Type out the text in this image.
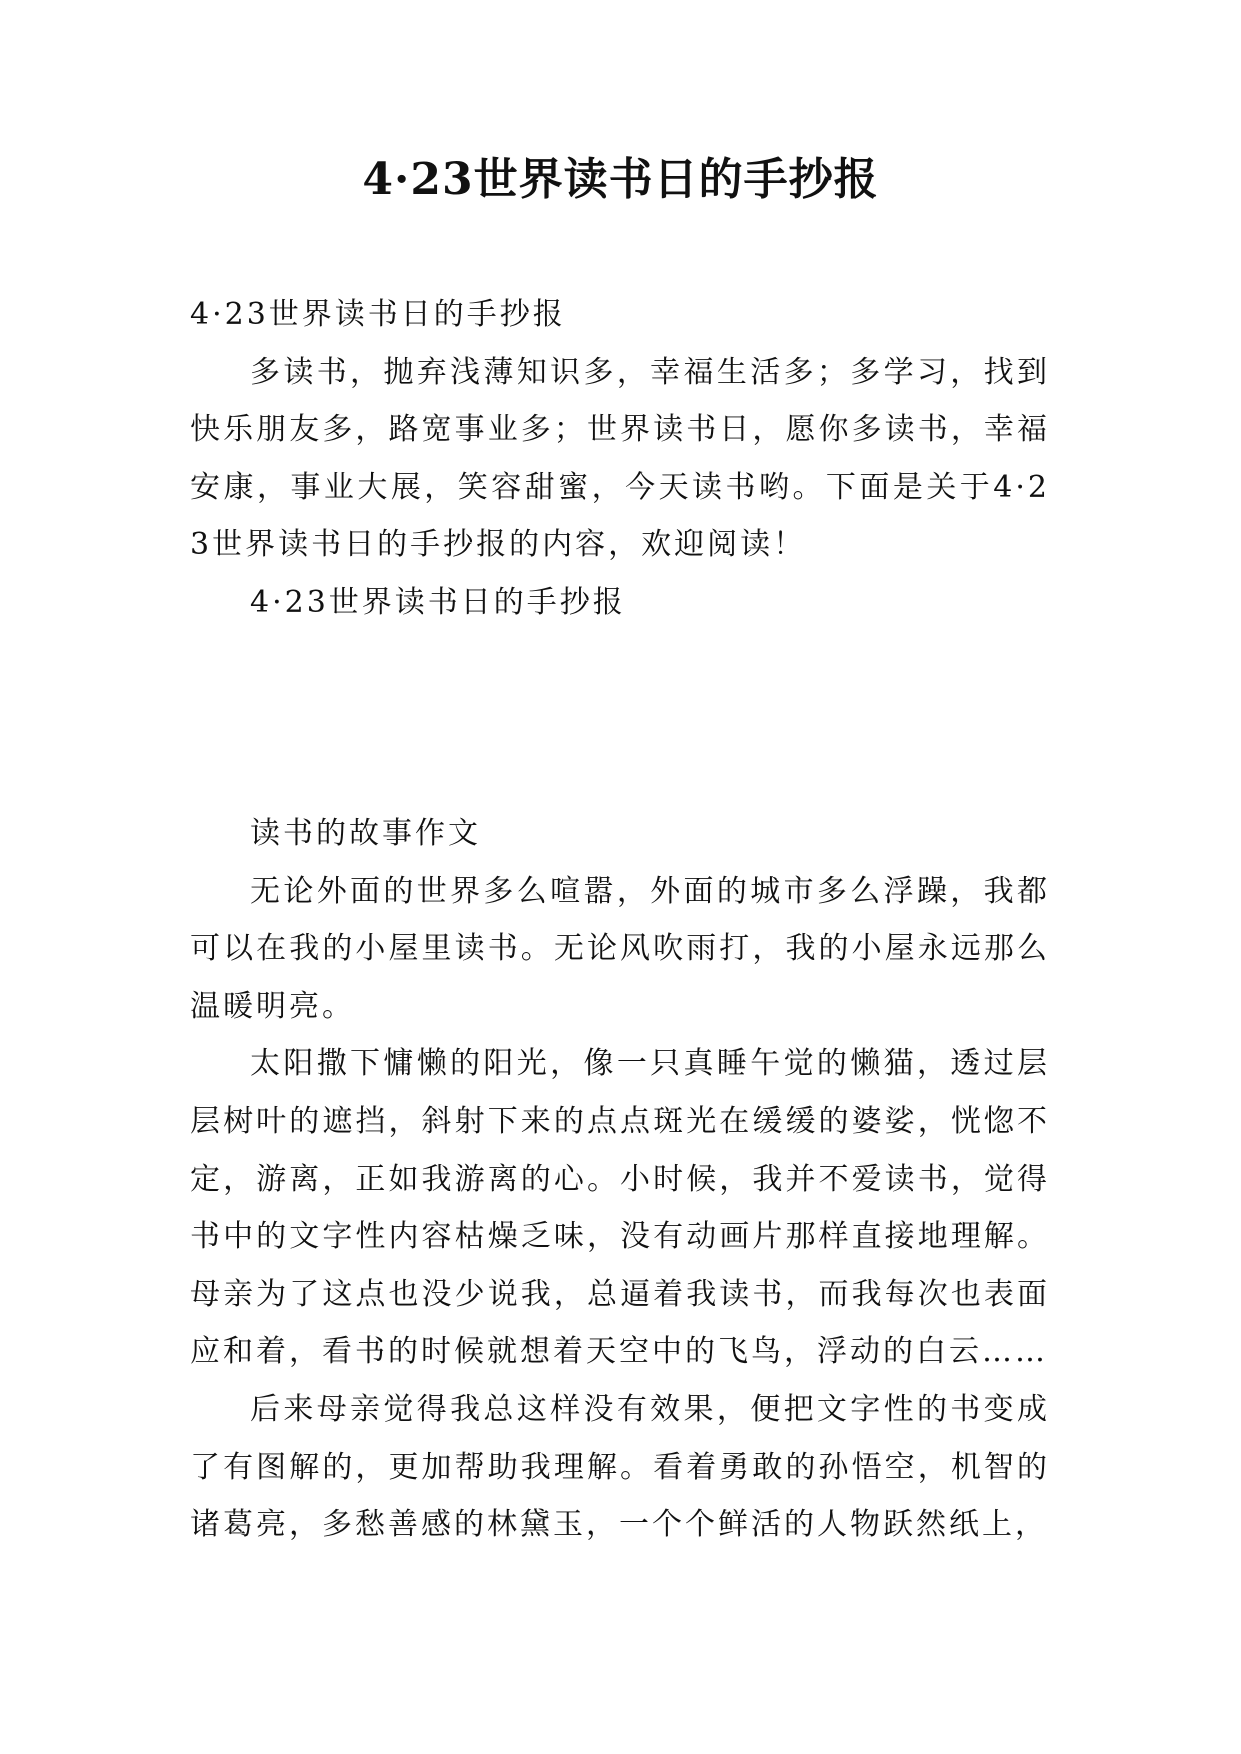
4·23世界读书日的手抄报

4·23世界读书日的手抄报

多读书，抛弃浅薄知识多，幸福生活多；多学习，找到快乐朋友多，路宽事业多；世界读书日，愿你多读书，幸福安康，事业大展，笑容甜蜜，今天读书哟。下面是关于4·23世界读书日的手抄报的内容，欢迎阅读！

4·23世界读书日的手抄报

读书的故事作文

无论外面的世界多么喧嚣，外面的城市多么浮躁，我都可以在我的小屋里读书。无论风吹雨打，我的小屋永远那么温暖明亮。

太阳撒下慵懒的阳光，像一只真睡午觉的懒猫，透过层层树叶的遮挡，斜射下来的点点斑光在缓缓的婆娑，恍惚不定，游离，正如我游离的心。小时候，我并不爱读书，觉得书中的文字性内容枯燥乏味，没有动画片那样直接地理解。母亲为了这点也没少说我，总逼着我读书，而我每次也表面应和着，看书的时候就想着天空中的飞鸟，浮动的白云……

后来母亲觉得我总这样没有效果，便把文字性的书变成了有图解的，更加帮助我理解。看着勇敢的孙悟空，机智的诸葛亮，多愁善感的林黛玉，一个个鲜活的人物跃然纸上，
